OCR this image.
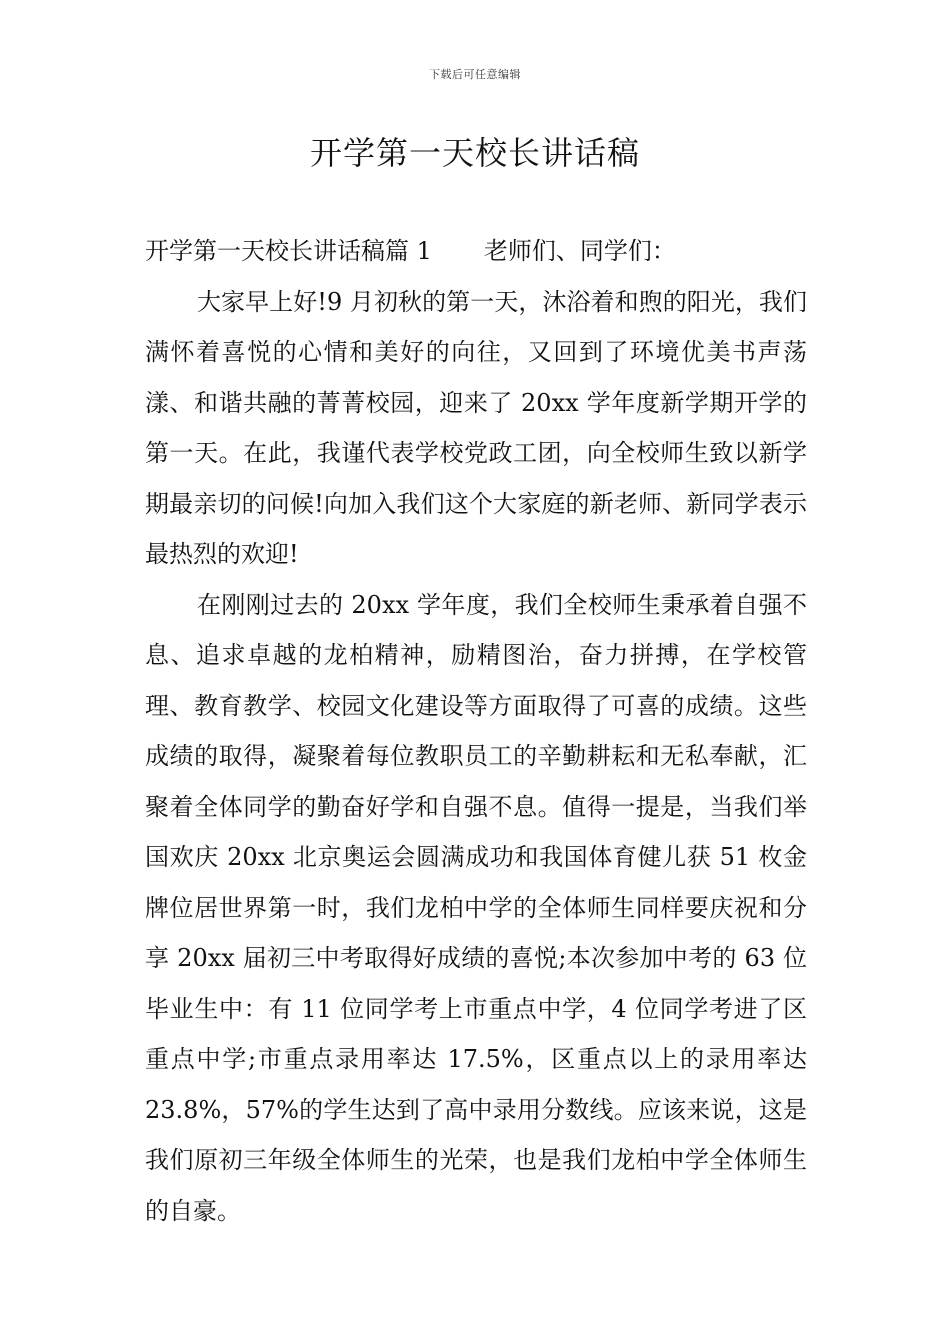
下载后可任意编辑
开学第一天校长讲话稿

开学第一天校长讲话稿篇 1 老师们、同学们：

大家早上好!9 月初秋的第一天，沐浴着和煦的阳光，我们满怀着喜悦的心情和美好的向往，又回到了环境优美书声荡漾、和谐共融的菁菁校园，迎来了 20xx 学年度新学期开学的第一天。在此，我谨代表学校党政工团，向全校师生致以新学期最亲切的问候!向加入我们这个大家庭的新老师、新同学表示最热烈的欢迎!

在刚刚过去的 20xx 学年度，我们全校师生秉承着自强不息、追求卓越的龙柏精神，励精图治，奋力拼搏，在学校管理、教育教学、校园文化建设等方面取得了可喜的成绩。这些成绩的取得，凝聚着每位教职员工的辛勤耕耘和无私奉献，汇聚着全体同学的勤奋好学和自强不息。值得一提是，当我们举国欢庆 20xx 北京奥运会圆满成功和我国体育健儿获 51 枚金牌位居世界第一时，我们龙柏中学的全体师生同样要庆祝和分享 20xx 届初三中考取得好成绩的喜悦;本次参加中考的 63 位毕业生中：有 11 位同学考上市重点中学，4 位同学考进了区重点中学;市重点录用率达 17.5%，区重点以上的录用率达 23.8%，57%的学生达到了高中录用分数线。应该来说，这是我们原初三年级全体师生的光荣，也是我们龙柏中学全体师生的自豪。
